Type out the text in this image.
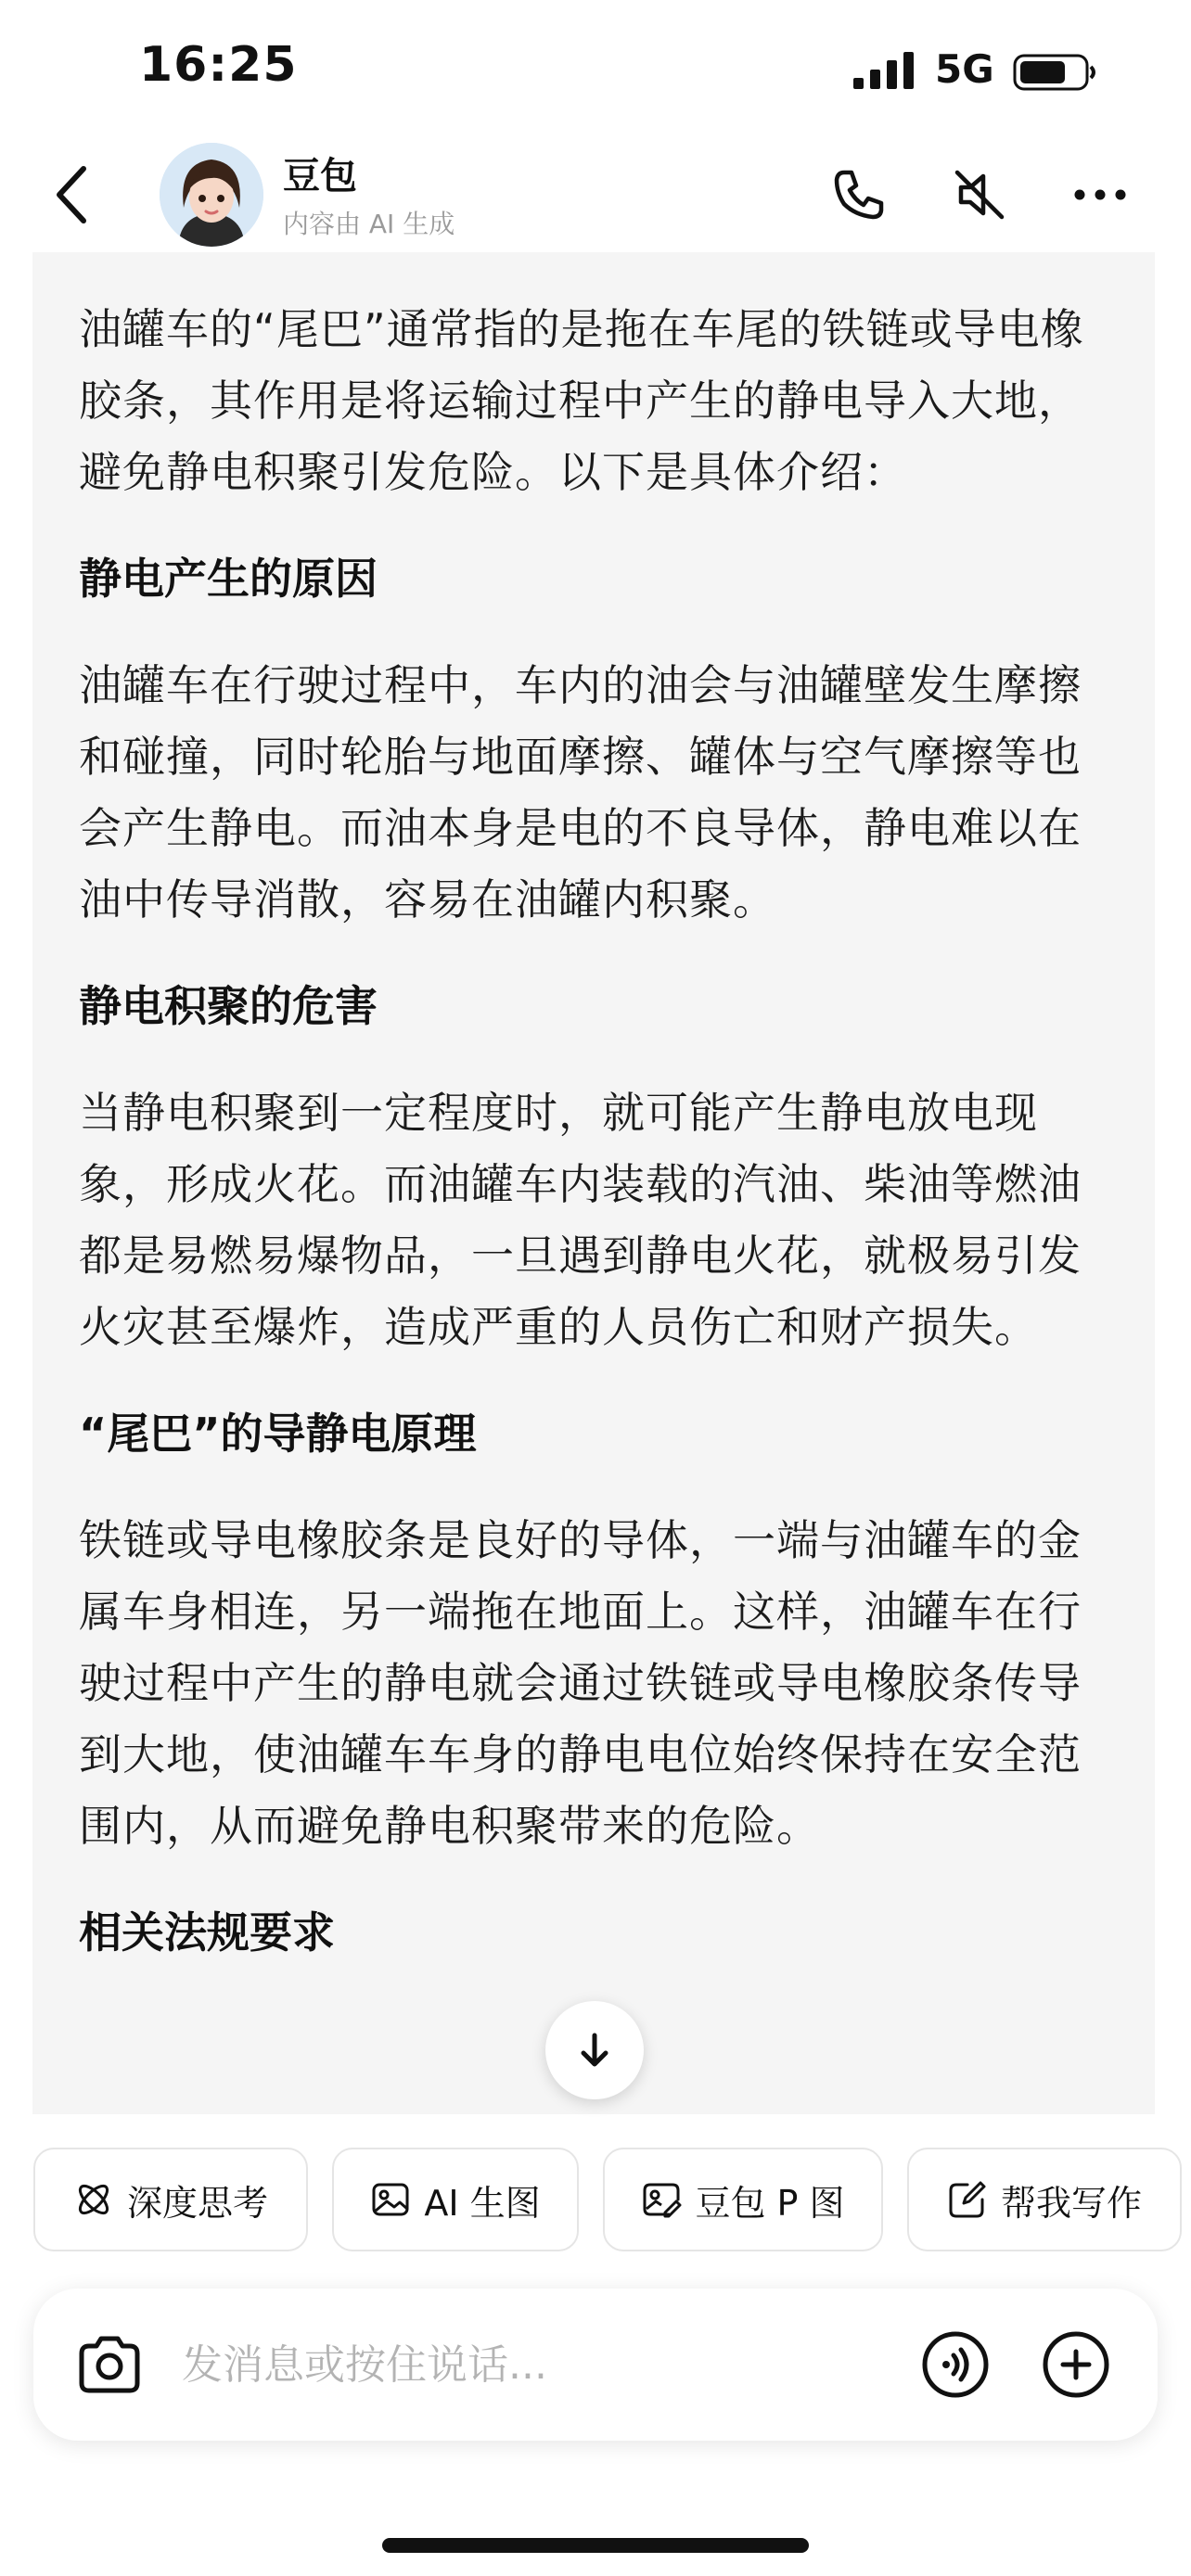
16:25	5G
豆包
内容由 AI 生成

油罐车的“尾巴”通常指的是拖在车尾的铁链或导电橡胶条，其作用是将运输过程中产生的静电导入大地，避免静电积聚引发危险。以下是具体介绍：

静电产生的原因

油罐车在行驶过程中，车内的油会与油罐壁发生摩擦和碰撞，同时轮胎与地面摩擦、罐体与空气摩擦等也会产生静电。而油本身是电的不良导体，静电难以在油中传导消散，容易在油罐内积聚。

静电积聚的危害

当静电积聚到一定程度时，就可能产生静电放电现象，形成火花。而油罐车内装载的汽油、柴油等燃油都是易燃易爆物品，一旦遇到静电火花，就极易引发火灾甚至爆炸，造成严重的人员伤亡和财产损失。

“尾巴”的导静电原理

铁链或导电橡胶条是良好的导体，一端与油罐车的金属车身相连，另一端拖在地面上。这样，油罐车在行驶过程中产生的静电就会通过铁链或导电橡胶条传导到大地，使油罐车车身的静电电位始终保持在安全范围内，从而避免静电积聚带来的危险。

相关法规要求
深度思考	AI 生图	豆包 P 图	帮我写作
发消息或按住说话...
